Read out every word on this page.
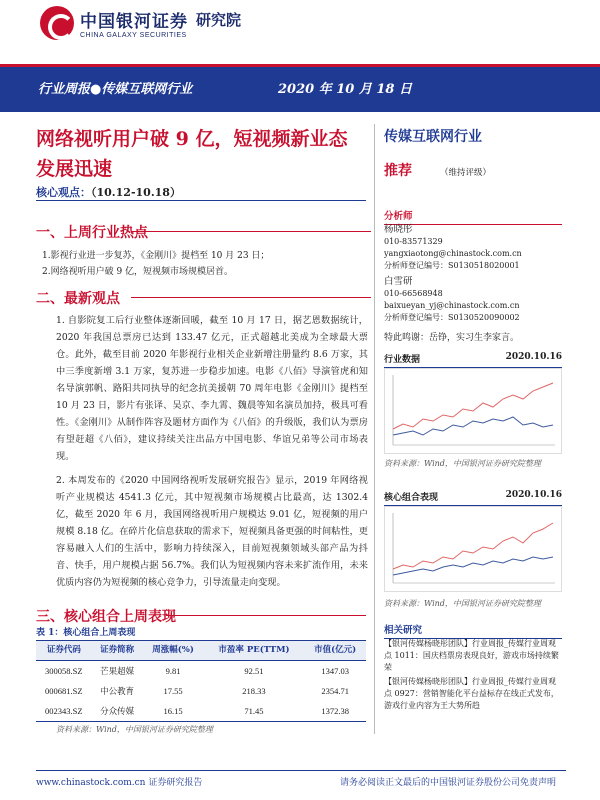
中国银河证券
CHINA GALAXY SECURITIES
研究院
行业周报●传媒互联网行业	2020 年 10 月 18 日
网络视听用户破 9 亿，短视频新业态发展迅速
核心观点：（10.12-10.18）
一、上周行业热点
1.影视行业进一步复苏，《金刚川》提档至 10 月 23 日；
2.网络视听用户破 9 亿，短视频市场规模居首。
二、最新观点
1. 自影院复工后行业整体逐渐回暖，截至 10 月 17 日，据艺恩数据统计，2020 年我国总票房已达到 133.47 亿元，正式超越北美成为全球最大票仓。此外，截至目前 2020 年影视行业相关企业新增注册量约 8.6 万家，其中三季度新增 3.1 万家，复苏进一步稳步加速。电影《八佰》导演管虎和知名导演郭帆、路阳共同执导的纪念抗美援朝 70 周年电影《金刚川》提档至 10 月 23 日，影片有张译、吴京、李九霄、魏晨等知名演员加持，极具可看性。《金刚川》从制作阵容及题材方面作为《八佰》的升级版，我们认为票房有望赶超《八佰》，建议持续关注出品方中国电影、华谊兄弟等公司市场表现。
2. 本周发布的《2020 中国网络视听发展研究报告》显示，2019 年网络视听产业规模达 4541.3 亿元，其中短视频市场规模占比最高，达 1302.4 亿，截至 2020 年 6 月，我国网络视听用户规模达 9.01 亿，短视频的用户规模 8.18 亿。在碎片化信息获取的需求下，短视频具备更强的时间粘性，更容易融入人们的生活中，影响力持续深入，目前短视频领域头部产品为抖音、快手，用户规模占据 56.7%。我们认为短视频内容未来扩流作用，未来优质内容仍为短视频的核心竞争力，引导流量走向变现。
三、核心组合上周表现
表 1：核心组合上周表现
证券代码	证券简称	周涨幅(%)	市盈率 PE(TTM)	市值(亿元)
300058.SZ	芒果超媒	9.81	92.51	1347.03
000681.SZ	中公教育	17.55	218.33	2354.71
002343.SZ	分众传媒	16.15	71.45	1372.38
资料来源：Wind，中国银河证券研究院整理
传媒互联网行业
推荐	（维持评级）
分析师
杨晓彤
010-83571329
yangxiaotong@chinastock.com.cn
分析师登记编号：S0130518020001
白雪研
010-66568948
baixueyan_yj@chinastock.com.cn
分析师登记编号：S0130520090002
特此鸣谢：岳铮，实习生李家言。
行业数据	2020.10.16
资料来源：Wind，中国银河证券研究院整理
核心组合表现	2020.10.16
资料来源：Wind，中国银河证券研究院整理
相关研究
【银河传媒杨晓彤团队】行业周报_传媒行业周观点 1011：国庆档票房表现良好，游戏市场持续繁荣
【银河传媒杨晓彤团队】行业周报_传媒行业周观点 0927：营销智能化平台益标存在线正式发布，游戏行业内容为王大势所趋
www.chinastock.com.cn 证券研究报告	请务必阅读正文最后的中国银河证券股份公司免责声明
